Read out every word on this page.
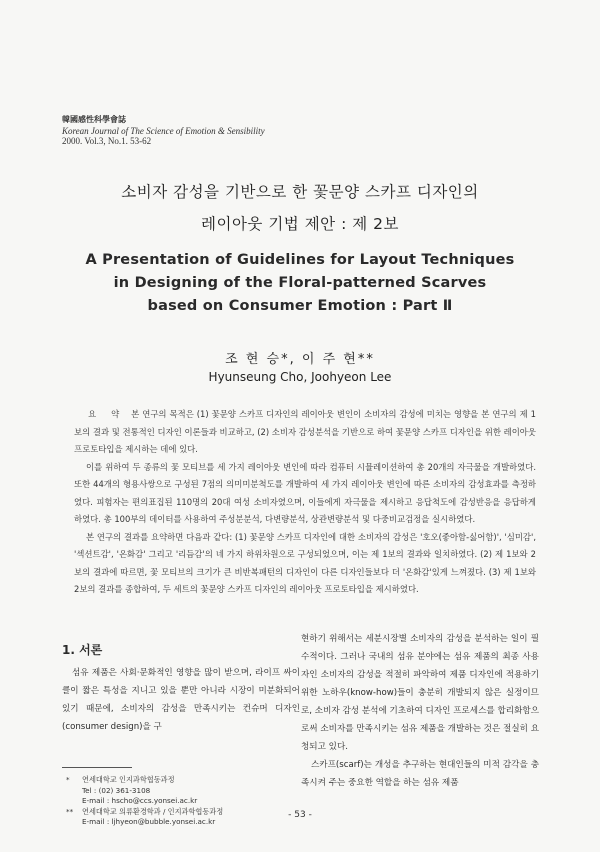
韓國感性科學會誌
Korean Journal of The Science of Emotion & Sensibility
2000. Vol.3, No.1. 53-62
소비자 감성을 기반으로 한 꽃문양 스카프 디자인의
레이아웃 기법 제안 : 제 2보
A Presentation of Guidelines for Layout Techniques
in Designing of the Floral-patterned Scarves
based on Consumer Emotion : Part Ⅱ
조 현 승*, 이 주 현**
Hyunseung Cho, Joohyeon Lee

요 약 본 연구의 목적은 (1) 꽃문양 스카프 디자인의 레이아웃 변인이 소비자의 감성에 미치는 영향을 본 연구의 제 1보의 결과 및 전통적인 디자인 이론들과 비교하고, (2) 소비자 감성분석을 기반으로 하여 꽃문양 스카프 디자인을 위한 레이아웃 프로토타입을 제시하는 데에 있다.

이를 위하여 두 종류의 꽃 모티브를 세 가지 레이아웃 변인에 따라 컴퓨터 시뮬레이션하여 총 20개의 자극물을 개발하였다. 또한 44개의 형용사쌍으로 구성된 7점의 의미미분척도를 개발하여 세 가지 레이아웃 변인에 따른 소비자의 감성효과를 측정하였다. 피험자는 편의표집된 110명의 20대 여성 소비자였으며, 이들에게 자극물을 제시하고 응답척도에 감성반응을 응답하게 하였다. 총 100부의 데이터를 사용하여 주성분분석, 다변량분석, 상관변량분석 및 다중비교검정을 실시하였다.

본 연구의 결과를 요약하면 다음과 같다: (1) 꽃문양 스카프 디자인에 대한 소비자의 감성은 '호오(좋아함-싫어함)', '심미감', '섹션트감', '온화감' 그리고 '리듬감'의 네 가지 하위차원으로 구성되었으며, 이는 제 1보의 결과와 일치하였다. (2) 제 1보와 2보의 결과에 따르면, 꽃 모티브의 크기가 큰 비반복패턴의 디자인이 다른 디자인들보다 더 '온화감'있게 느껴졌다. (3) 제 1보와 2보의 결과를 종합하여, 두 세트의 꽃문양 스카프 디자인의 레이아웃 프로토타입을 제시하였다.

1. 서론

섬유 제품은 사회·문화적인 영향을 많이 받으며, 라이프 싸이클이 짧은 특성을 지니고 있을 뿐만 아니라 시장이 미분화되어 있기 때문에, 소비자의 감성을 만족시키는 컨슈머 디자인(consumer design)을 구

현하기 위해서는 세분시장별 소비자의 감성을 분석하는 일이 필수적이다. 그러나 국내의 섬유 분야에는 섬유 제품의 최종 사용자인 소비자의 감성을 적절히 파악하여 제품 디자인에 적용하기 위한 노하우(know-how)들이 충분히 개발되지 않은 실정이므로, 소비자 감성 분석에 기초하여 디자인 프로세스를 합리화함으로써 소비자를 만족시키는 섬유 제품을 개발하는 것은 절실히 요청되고 있다.

스카프(scarf)는 개성을 추구하는 현대인들의 미적 감각을 충족시켜 주는 중요한 역할을 하는 섬유 제품

*	연세대학교 인지과학협동과정
Tel : (02) 361-3108
E-mail : hscho@ccs.yonsei.ac.kr
**	연세대학교 의류환경학과 / 인지과학협동과정
E-mail : ljhyeon@bubble.yonsei.ac.kr
- 53 -
